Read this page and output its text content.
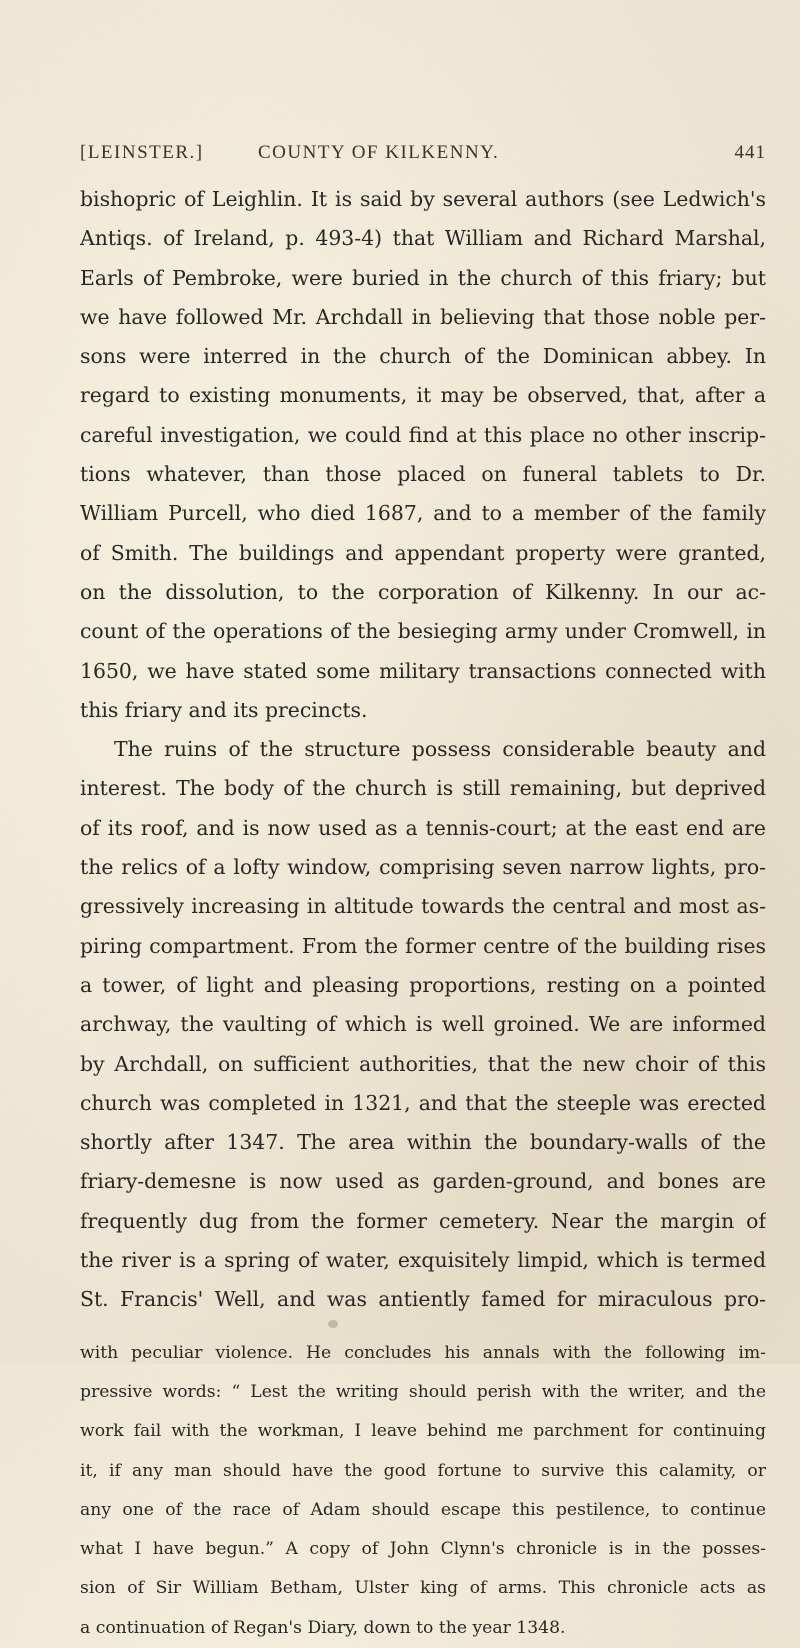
[LEINSTER.]	COUNTY OF KILKENNY.	441
bishopric of Leighlin. It is said by several authors (see Ledwich's
Antiqs. of Ireland, p. 493-4) that William and Richard Marshal,
Earls of Pembroke, were buried in the church of this friary; but
we have followed Mr. Archdall in believing that those noble per-
sons were interred in the church of the Dominican abbey. In
regard to existing monuments, it may be observed, that, after a
careful investigation, we could find at this place no other inscrip-
tions whatever, than those placed on funeral tablets to Dr.
William Purcell, who died 1687, and to a member of the family
of Smith. The buildings and appendant property were granted,
on the dissolution, to the corporation of Kilkenny. In our ac-
count of the operations of the besieging army under Cromwell, in
1650, we have stated some military transactions connected with
this friary and its precincts.
The ruins of the structure possess considerable beauty and
interest. The body of the church is still remaining, but deprived
of its roof, and is now used as a tennis-court; at the east end are
the relics of a lofty window, comprising seven narrow lights, pro-
gressively increasing in altitude towards the central and most as-
piring compartment. From the former centre of the building rises
a tower, of light and pleasing proportions, resting on a pointed
archway, the vaulting of which is well groined. We are informed
by Archdall, on sufficient authorities, that the new choir of this
church was completed in 1321, and that the steeple was erected
shortly after 1347. The area within the boundary-walls of the
friary-demesne is now used as garden-ground, and bones are
frequently dug from the former cemetery. Near the margin of
the river is a spring of water, exquisitely limpid, which is termed
St. Francis' Well, and was antiently famed for miraculous pro-
with peculiar violence. He concludes his annals with the following im-
pressive words: “ Lest the writing should perish with the writer, and the
work fail with the workman, I leave behind me parchment for continuing
it, if any man should have the good fortune to survive this calamity, or
any one of the race of Adam should escape this pestilence, to continue
what I have begun.” A copy of John Clynn's chronicle is in the posses-
sion of Sir William Betham, Ulster king of arms. This chronicle acts as
a continuation of Regan's Diary, down to the year 1348.
